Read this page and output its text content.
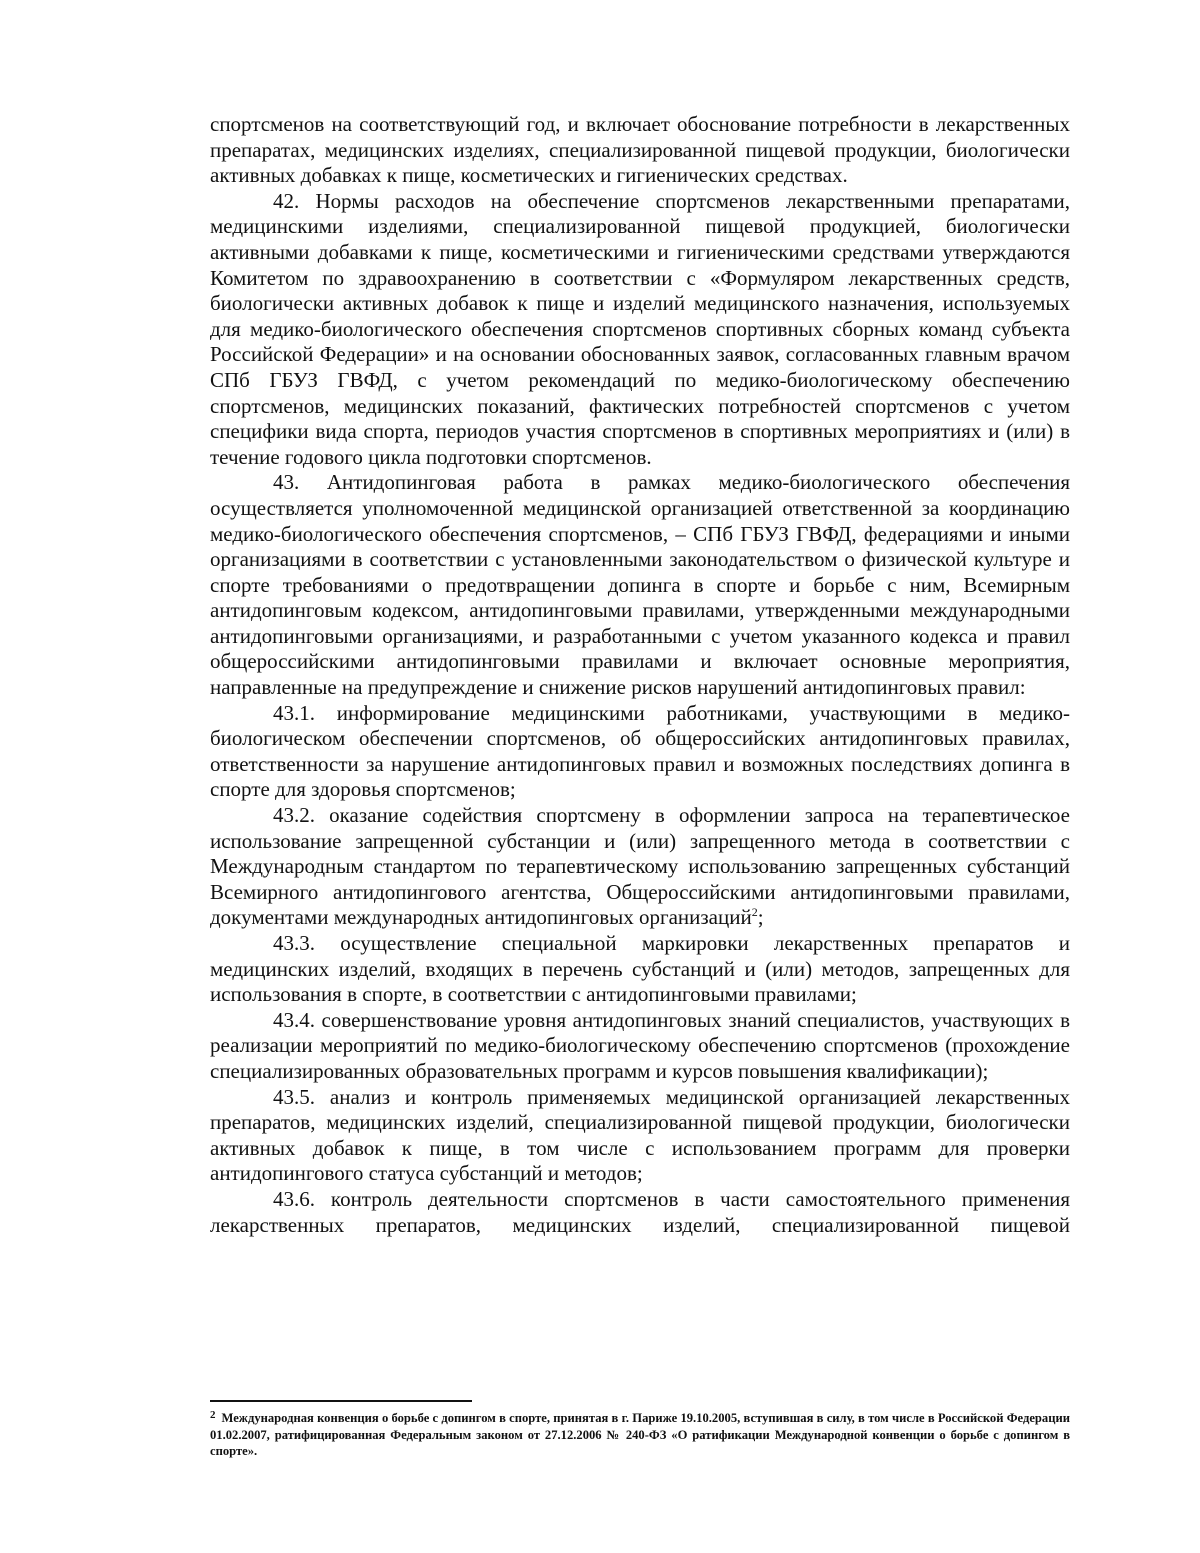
спортсменов на соответствующий год, и включает обоснование потребности в лекарственных препаратах, медицинских изделиях, специализированной пищевой продукции, биологически активных добавках к пище, косметических и гигиенических средствах.

42. Нормы расходов на обеспечение спортсменов лекарственными препаратами, медицинскими изделиями, специализированной пищевой продукцией, биологически активными добавками к пище, косметическими и гигиеническими средствами утверждаются Комитетом по здравоохранению в соответствии с «Формуляром лекарственных средств, биологически активных добавок к пище и изделий медицинского назначения, используемых для медико-биологического обеспечения спортсменов спортивных сборных команд субъекта Российской Федерации» и на основании обоснованных заявок, согласованных главным врачом СПб ГБУЗ ГВФД, с учетом рекомендаций по медико-биологическому обеспечению спортсменов, медицинских показаний, фактических потребностей спортсменов с учетом специфики вида спорта, периодов участия спортсменов в спортивных мероприятиях и (или) в течение годового цикла подготовки спортсменов.

43. Антидопинговая работа в рамках медико-биологического обеспечения осуществляется уполномоченной медицинской организацией ответственной за координацию медико-биологического обеспечения спортсменов, – СПб ГБУЗ ГВФД, федерациями и иными организациями в соответствии с установленными законодательством о физической культуре и спорте требованиями о предотвращении допинга в спорте и борьбе с ним, Всемирным антидопинговым кодексом, антидопинговыми правилами, утвержденными международными антидопинговыми организациями, и разработанными с учетом указанного кодекса и правил общероссийскими антидопинговыми правилами и включает основные мероприятия, направленные на предупреждение и снижение рисков нарушений антидопинговых правил:

43.1. информирование медицинскими работниками, участвующими в медико-биологическом обеспечении спортсменов, об общероссийских антидопинговых правилах, ответственности за нарушение антидопинговых правил и возможных последствиях допинга в спорте для здоровья спортсменов;

43.2. оказание содействия спортсмену в оформлении запроса на терапевтическое использование запрещенной субстанции и (или) запрещенного метода в соответствии с Международным стандартом по терапевтическому использованию запрещенных субстанций Всемирного антидопингового агентства, Общероссийскими антидопинговыми правилами, документами международных антидопинговых организаций$^2$;

43.3. осуществление специальной маркировки лекарственных препаратов и медицинских изделий, входящих в перечень субстанций и (или) методов, запрещенных для использования в спорте, в соответствии с антидопинговыми правилами;

43.4. совершенствование уровня антидопинговых знаний специалистов, участвующих в реализации мероприятий по медико-биологическому обеспечению спортсменов (прохождение специализированных образовательных программ и курсов повышения квалификации);

43.5. анализ и контроль применяемых медицинской организацией лекарственных препаратов, медицинских изделий, специализированной пищевой продукции, биологически активных добавок к пище, в том числе с использованием программ для проверки антидопингового статуса субстанций и методов;

43.6. контроль деятельности спортсменов в части самостоятельного применения лекарственных препаратов, медицинских изделий, специализированной пищевой

$^2$ Международная конвенция о борьбе с допингом в спорте, принятая в г. Париже 19.10.2005, вступившая в силу, в том числе в Российской Федерации 01.02.2007, ратифицированная Федеральным законом от 27.12.2006 № 240-ФЗ «О ратификации Международной конвенции о борьбе с допингом в спорте».
